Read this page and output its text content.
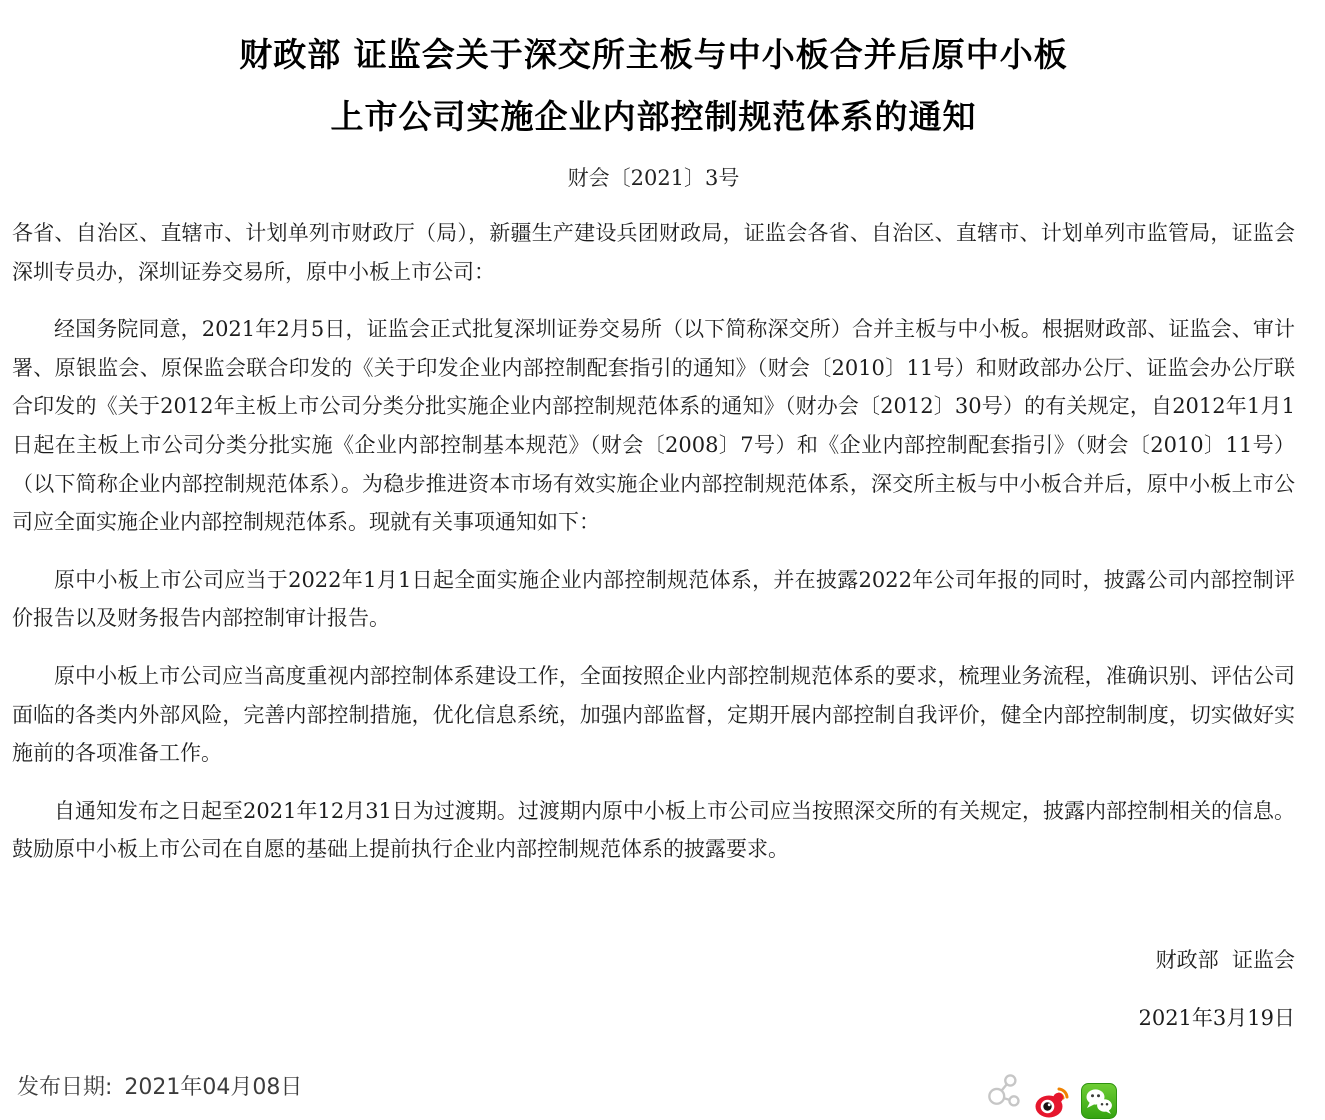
财政部 证监会关于深交所主板与中小板合并后原中小板
上市公司实施企业内部控制规范体系的通知
财会〔2021〕3号

各省、自治区、直辖市、计划单列市财政厅（局），新疆生产建设兵团财政局，证监会各省、自治区、直辖市、计划单列市监管局，证监会深圳专员办，深圳证券交易所，原中小板上市公司：

经国务院同意，2021年2月5日，证监会正式批复深圳证券交易所（以下简称深交所）合并主板与中小板。根据财政部、证监会、审计署、原银监会、原保监会联合印发的《关于印发企业内部控制配套指引的通知》（财会〔2010〕11号）和财政部办公厅、证监会办公厅联合印发的《关于2012年主板上市公司分类分批实施企业内部控制规范体系的通知》（财办会〔2012〕30号）的有关规定，自2012年1月1日起在主板上市公司分类分批实施《企业内部控制基本规范》（财会〔2008〕7号）和《企业内部控制配套指引》（财会〔2010〕11号）（以下简称企业内部控制规范体系）。为稳步推进资本市场有效实施企业内部控制规范体系，深交所主板与中小板合并后，原中小板上市公司应全面实施企业内部控制规范体系。现就有关事项通知如下：

原中小板上市公司应当于2022年1月1日起全面实施企业内部控制规范体系，并在披露2022年公司年报的同时，披露公司内部控制评价报告以及财务报告内部控制审计报告。

原中小板上市公司应当高度重视内部控制体系建设工作，全面按照企业内部控制规范体系的要求，梳理业务流程，准确识别、评估公司面临的各类内外部风险，完善内部控制措施，优化信息系统，加强内部监督，定期开展内部控制自我评价，健全内部控制制度，切实做好实施前的各项准备工作。

自通知发布之日起至2021年12月31日为过渡期。过渡期内原中小板上市公司应当按照深交所的有关规定，披露内部控制相关的信息。鼓励原中小板上市公司在自愿的基础上提前执行企业内部控制规范体系的披露要求。

财政部  证监会
2021年3月19日
发布日期: 2021年04月08日
